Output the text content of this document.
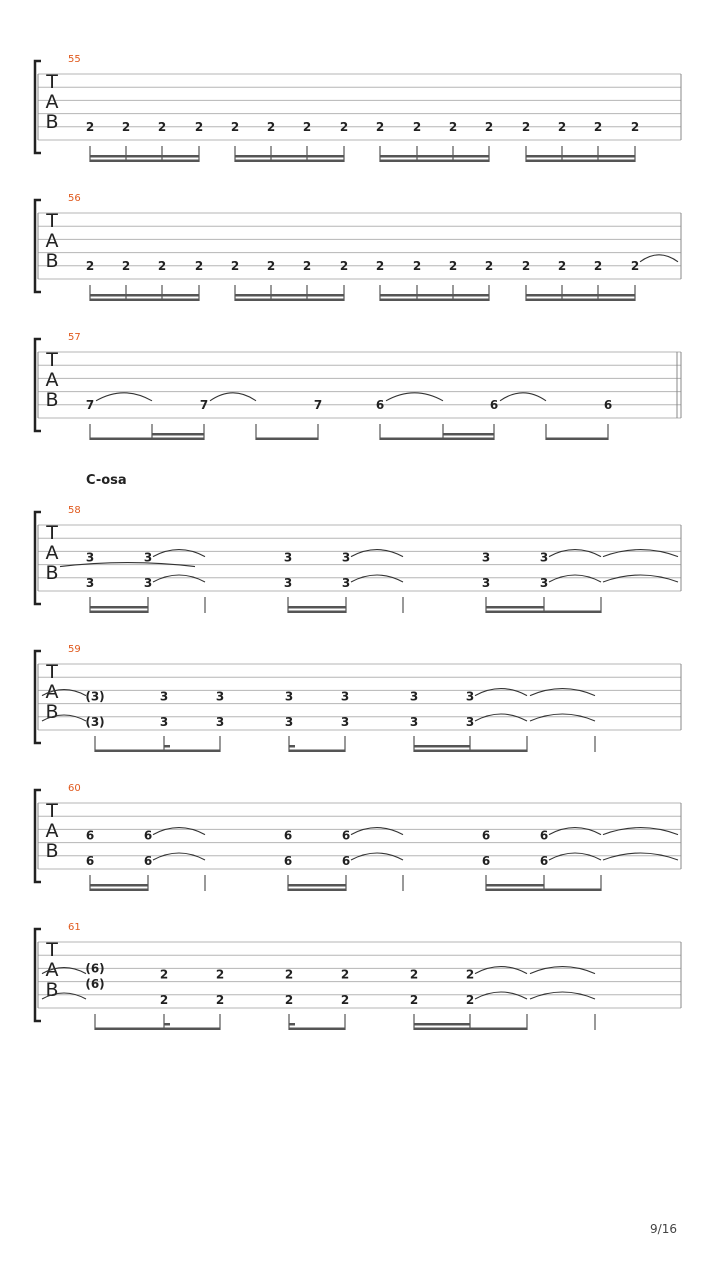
55
T
A
B 2 2 2 2 2 2 2 2 2 2 2 2 2 2 2 2
56
T
A
B 2 2 2 2 2 2 2 2 2 2 2 2 2 2 2 2
57
T
A
B 7	7	7	6	6	6
58
T
A
B
3
3
3
3
3
3
3
3
3
3
3
3
59
T
A
B
(3)
(3)
3
3
3
3
3
3
3
3
3
3
3
3
60
T
A
B
6
6
6
6
6
6
6
6
6
6
6
6
61
T
A
B
(6)
(6)
2
2
2
2
2
2
2
2
2
2
2
2
C-osa
9/16
